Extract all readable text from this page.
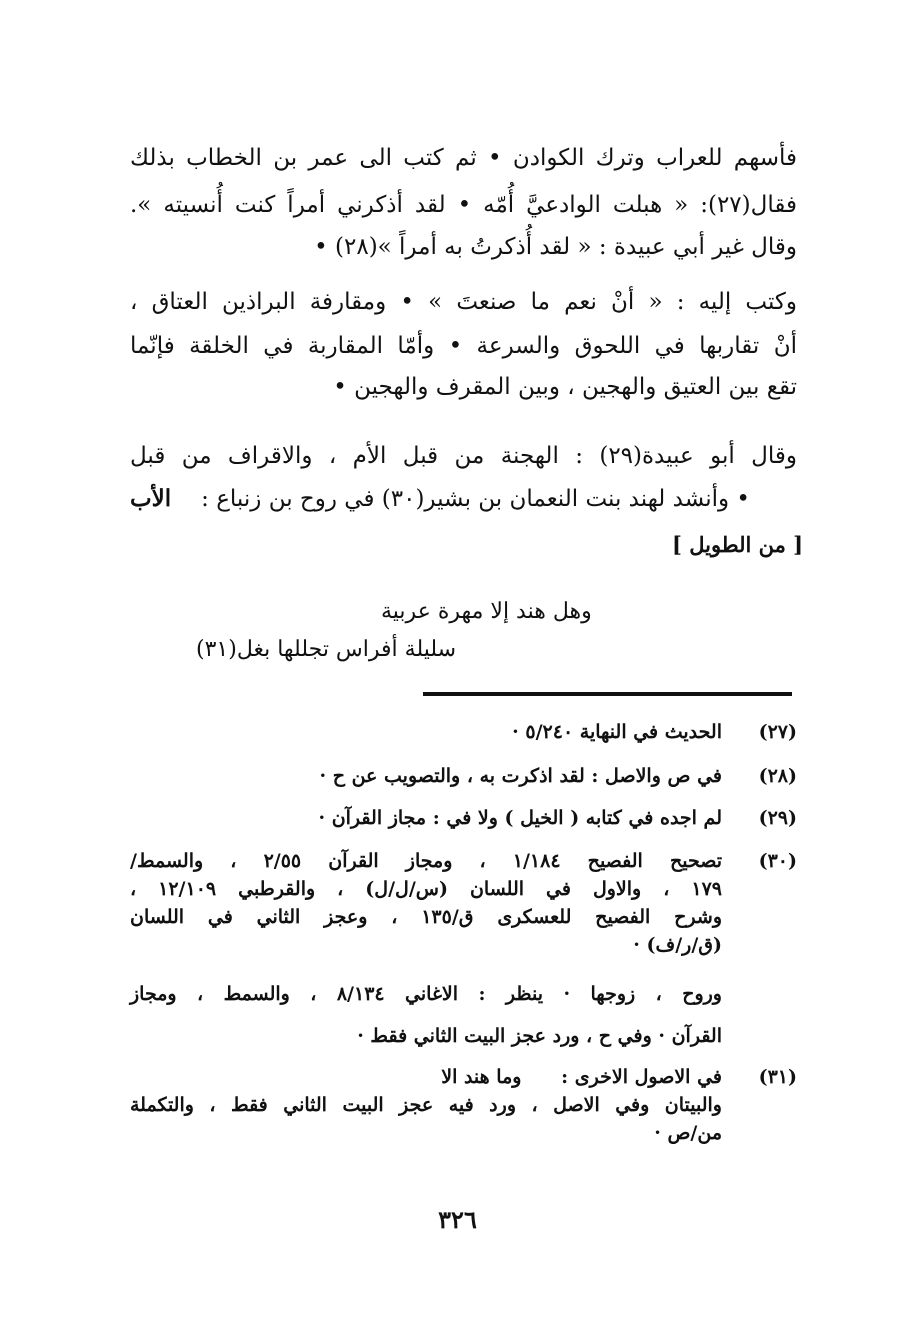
فأسهم للعراب وترك الكوادن • ثم كتب الى عمر بن الخطاب بذلك
فقال(٢٧): « هبلت الوادعيَّ أُمّه • لقد أذكرني أمراً كنت أُنسيته ».
وقال غير أبي عبيدة : « لقد أُذكرتُ به أمراً »(٢٨) •
وكتب إليه : « أنْ نعم ما صنعتَ » • ومقارفة البراذين العتاق ،
أنْ تقاربها في اللحوق والسرعة • وأمّا المقاربة في الخلقة فإنّما
تقع بين العتيق والهجين ، وبين المقرف والهجين •
وقال أبو عبيدة(٢٩) : الهجنة من قبل الأم ، والاقراف من قبل
• وأنشد لهند بنت النعمان بن بشير(٣٠) في روح بن زنباع :
الأب
[ من الطويل ]
وهل هند إلا مهرة عربية
سليلة أفراس تجللها بغل(٣١)
(٢٧)
الحديث في النهاية ٥/٢٤٠ ·
(٢٨)
في ص والاصل : لقد اذكرت به ، والتصويب عن ح ·
(٢٩)
لم اجده في كتابه ( الخيل ) ولا في : مجاز القرآن ·
(٣٠)
تصحيح الفصيح ١/١٨٤ ، ومجاز القرآن ٢/٥٥ ، والسمط/
١٧٩ ، والاول في اللسان (س/ل/ل) ، والقرطبي ١٢/١٠٩ ،
وشرح الفصيح للعسكرى ق/١٣٥ ، وعجز الثاني في اللسان
(ق/ر/ف) ·
وروح ، زوجها · ينظر : الاغاني ٨/١٣٤ ، والسمط ، ومجاز
القرآن · وفي ح ، ورد عجز البيت الثاني فقط ·
(٣١)
في الاصول الاخرى :      وما هند الا
والبيتان وفي الاصل ، ورد فيه عجز البيت الثاني فقط ، والتكملة
من/ص ·
٣٢٦
